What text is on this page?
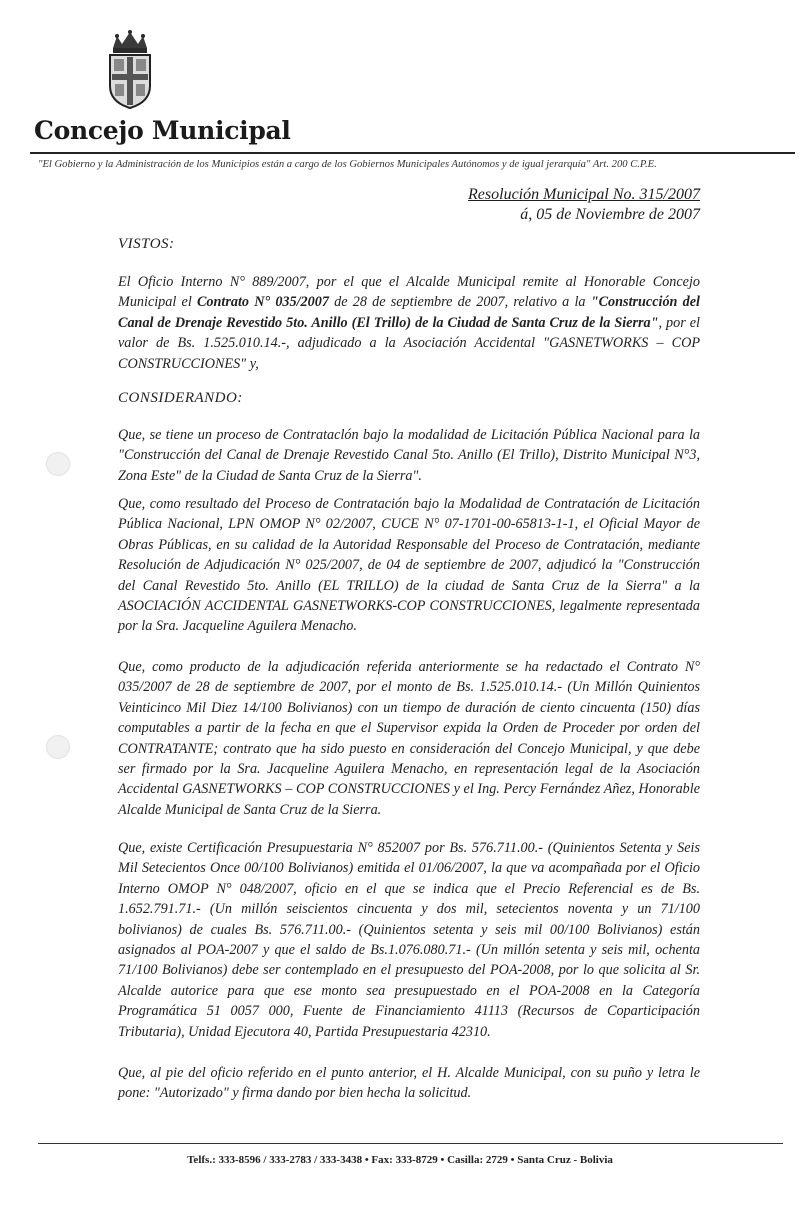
Concejo Municipal
"El Gobierno y la Administración de los Municipios están a cargo de los Gobiernos Municipales Autónomos y de igual jerarquía" Art. 200 C.P.E.
Resolución Municipal No. 315/2007
á, 05 de Noviembre de 2007
VISTOS:
El Oficio Interno N° 889/2007, por el que el Alcalde Municipal remite al Honorable Concejo Municipal el Contrato N° 035/2007 de 28 de septiembre de 2007, relativo a la "Construcción del Canal de Drenaje Revestido 5to. Anillo (El Trillo) de la Ciudad de Santa Cruz de la Sierra", por el valor de Bs. 1.525.010.14.-, adjudicado a la Asociación Accidental "GASNETWORKS – COP CONSTRUCCIONES" y,
CONSIDERANDO:
Que, se tiene un proceso de Contrataclón bajo la modalidad de Licitación Pública Nacional para la "Construcción del Canal de Drenaje Revestido Canal 5to. Anillo (El Trillo), Distrito Municipal N°3, Zona Este" de la Ciudad de Santa Cruz de la Sierra".
Que, como resultado del Proceso de Contratación bajo la Modalidad de Contratación de Licitación Pública Nacional, LPN OMOP N° 02/2007, CUCE N° 07-1701-00-65813-1-1, el Oficial Mayor de Obras Públicas, en su calidad de la Autoridad Responsable del Proceso de Contratación, mediante Resolución de Adjudicación N° 025/2007, de 04 de septiembre de 2007, adjudicó la "Construcción del Canal Revestido 5to. Anillo (EL TRILLO) de la ciudad de Santa Cruz de la Sierra" a la ASOCIACIÓN ACCIDENTAL GASNETWORKS-COP CONSTRUCCIONES, legalmente representada por la Sra. Jacqueline Aguilera Menacho.
Que, como producto de la adjudicación referida anteriormente se ha redactado el Contrato N° 035/2007 de 28 de septiembre de 2007, por el monto de Bs. 1.525.010.14.- (Un Millón Quinientos Veinticinco Mil Diez 14/100 Bolivianos) con un tiempo de duración de ciento cincuenta (150) días computables a partir de la fecha en que el Supervisor expida la Orden de Proceder por orden del CONTRATANTE; contrato que ha sido puesto en consideración del Concejo Municipal, y que debe ser firmado por la Sra. Jacqueline Aguilera Menacho, en representación legal de la Asociación Accidental GASNETWORKS – COP CONSTRUCCIONES y el Ing. Percy Fernández Añez, Honorable Alcalde Municipal de Santa Cruz de la Sierra.
Que, existe Certificación Presupuestaria N° 852007 por Bs. 576.711.00.- (Quinientos Setenta y Seis Mil Setecientos Once 00/100 Bolivianos) emitida el 01/06/2007, la que va acompañada por el Oficio Interno OMOP N° 048/2007, oficio en el que se indica que el Precio Referencial es de Bs. 1.652.791.71.- (Un millón seiscientos cincuenta y dos mil, setecientos noventa y un 71/100 bolivianos) de cuales Bs. 576.711.00.- (Quinientos setenta y seis mil 00/100 Bolivianos) están asignados al POA-2007 y que el saldo de Bs.1.076.080.71.- (Un millón setenta y seis mil, ochenta 71/100 Bolivianos) debe ser contemplado en el presupuesto del POA-2008, por lo que solicita al Sr. Alcalde autorice para que ese monto sea presupuestado en el POA-2008 en la Categoría Programática 51 0057 000, Fuente de Financiamiento 41113 (Recursos de Coparticipación Tributaria), Unidad Ejecutora 40, Partida Presupuestaria 42310.
Que, al pie del oficio referido en el punto anterior, el H. Alcalde Municipal, con su puño y letra le pone: "Autorizado" y firma dando por bien hecha la solicitud.
Telfs.: 333-8596 / 333-2783 / 333-3438 • Fax: 333-8729 • Casilla: 2729 • Santa Cruz - Bolivia
